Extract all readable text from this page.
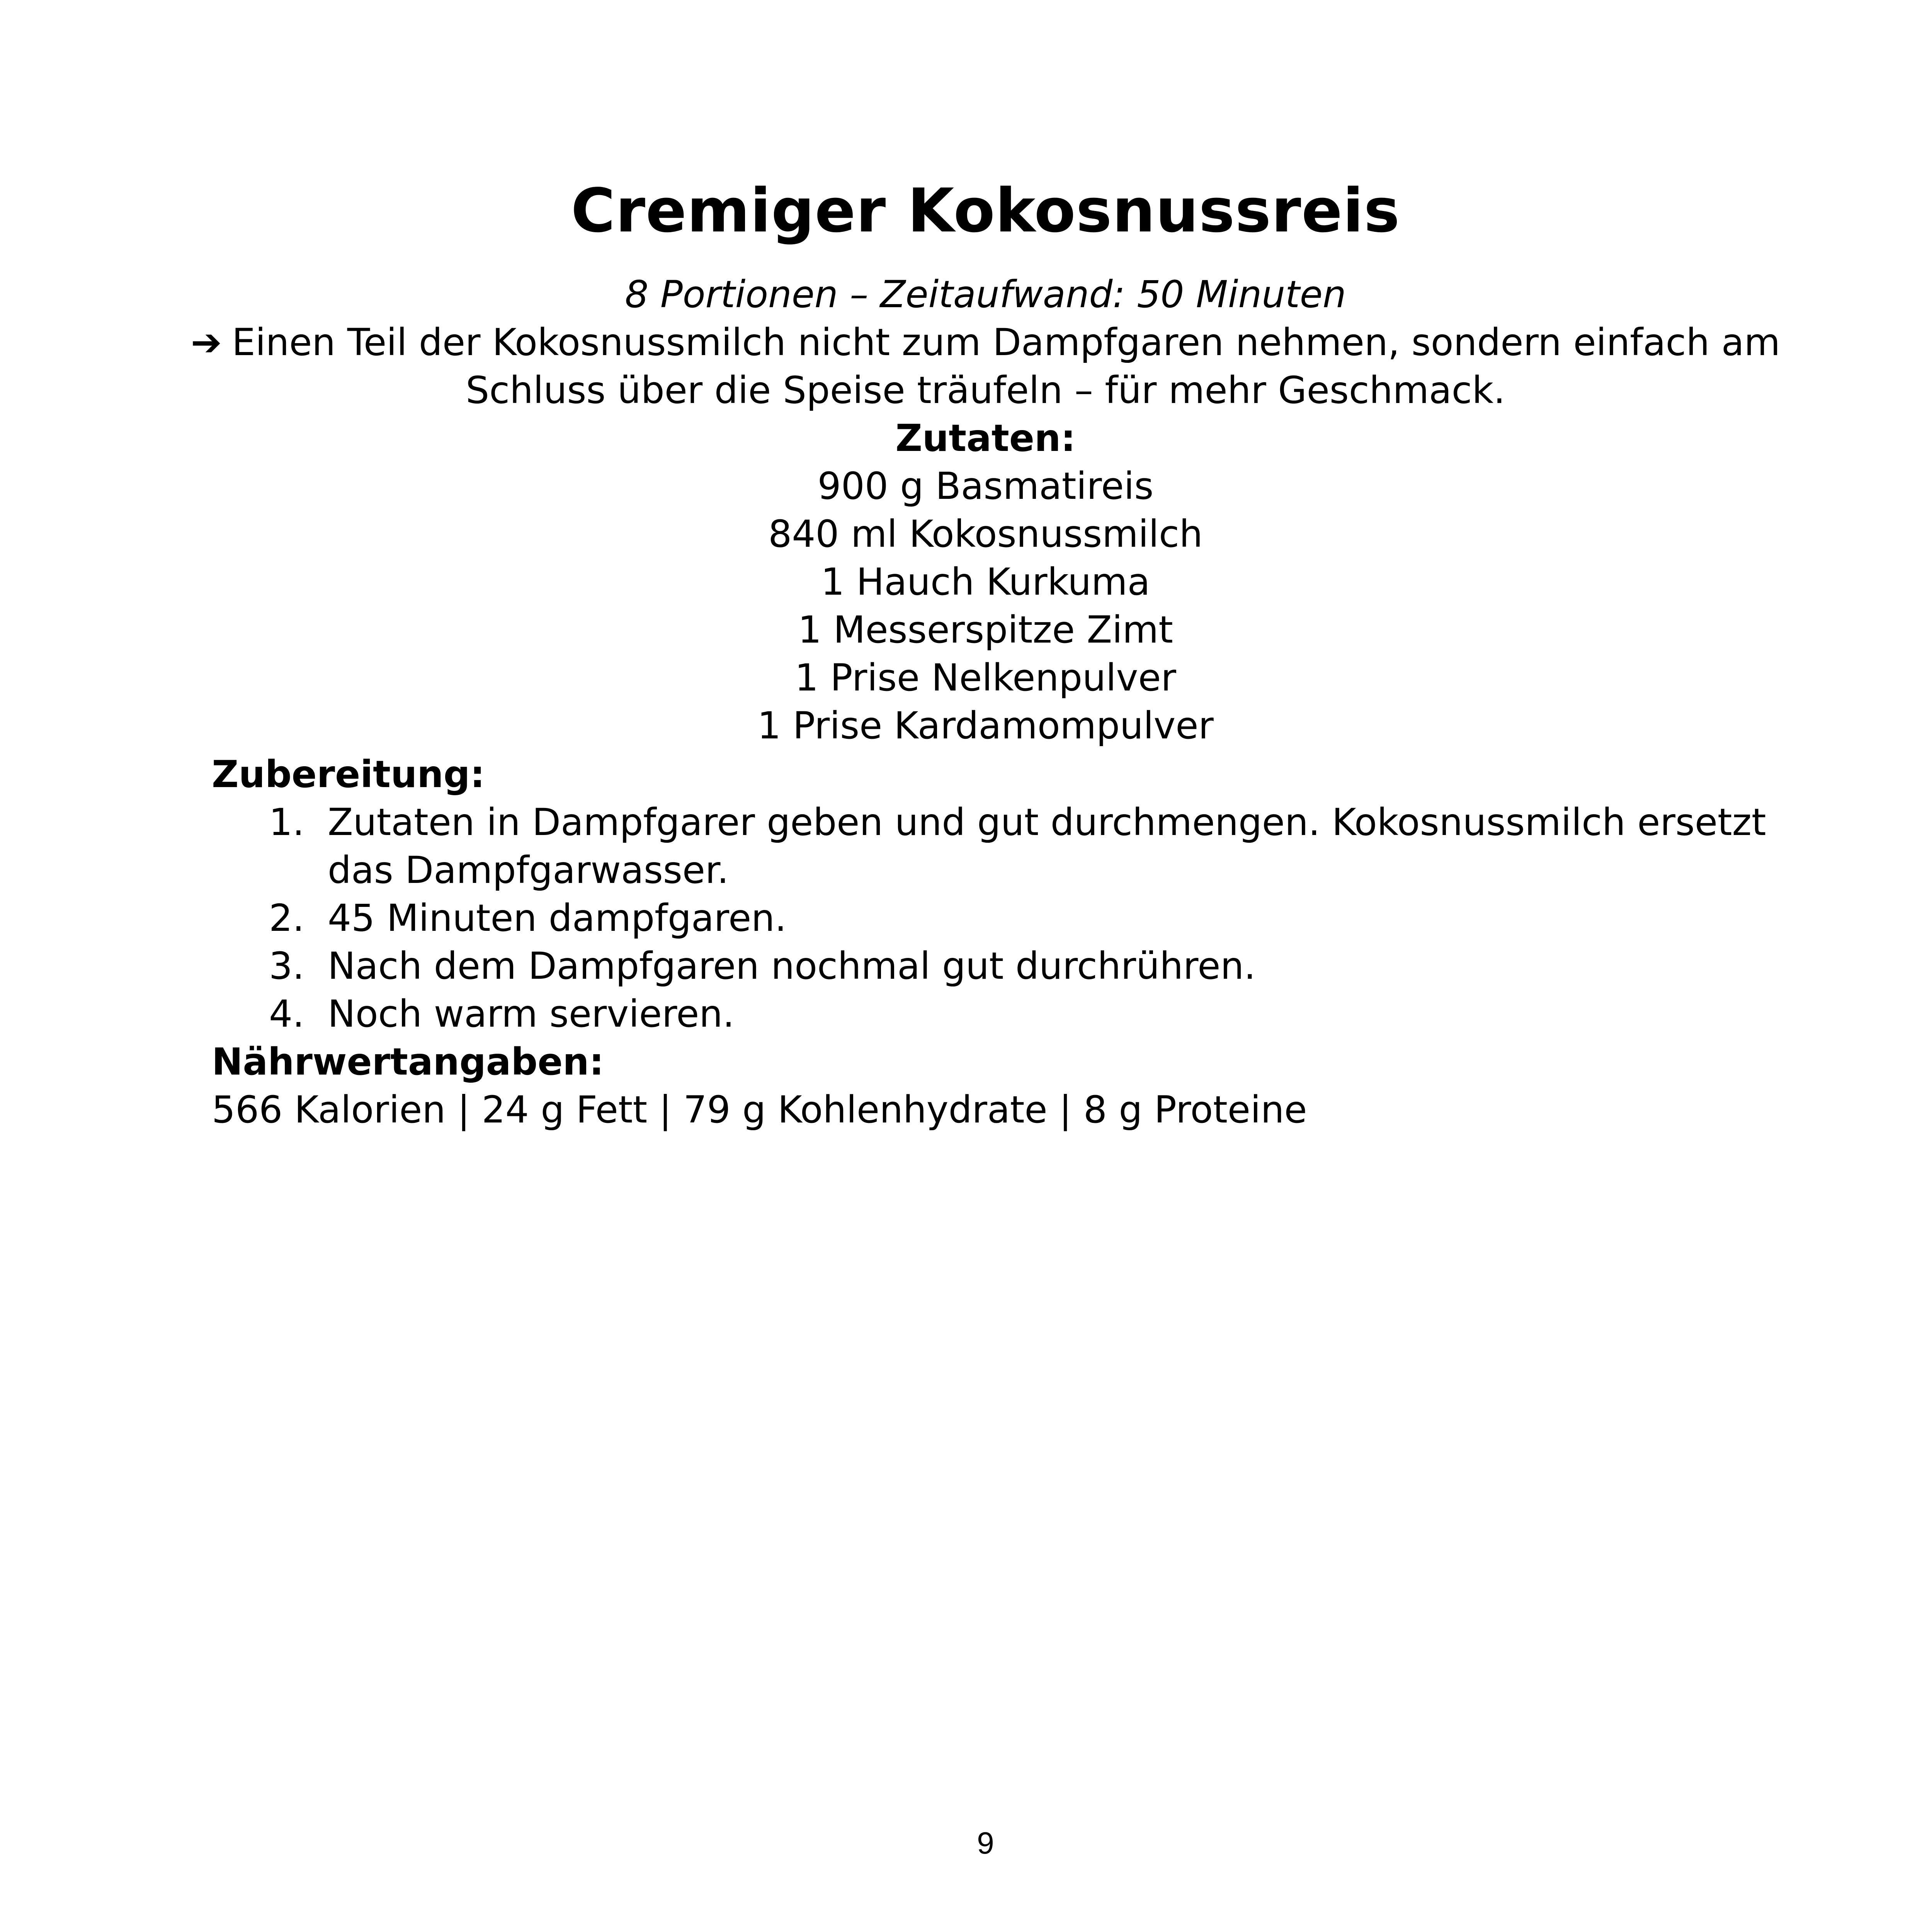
Cremiger Kokosnussreis
8 Portionen – Zeitaufwand: 50 Minuten
➔ Einen Teil der Kokosnussmilch nicht zum Dampfgaren nehmen, sondern einfach am
Schluss über die Speise träufeln – für mehr Geschmack.
Zutaten:
900 g Basmatireis
840 ml Kokosnussmilch
1 Hauch Kurkuma
1 Messerspitze Zimt
1 Prise Nelkenpulver
1 Prise Kardamompulver
Zubereitung:
1. Zutaten in Dampfgarer geben und gut durchmengen. Kokosnussmilch ersetzt
das Dampfgarwasser.
2. 45 Minuten dampfgaren.
3. Nach dem Dampfgaren nochmal gut durchrühren.
4. Noch warm servieren.
Nährwertangaben:
566 Kalorien | 24 g Fett | 79 g Kohlenhydrate | 8 g Proteine
9
